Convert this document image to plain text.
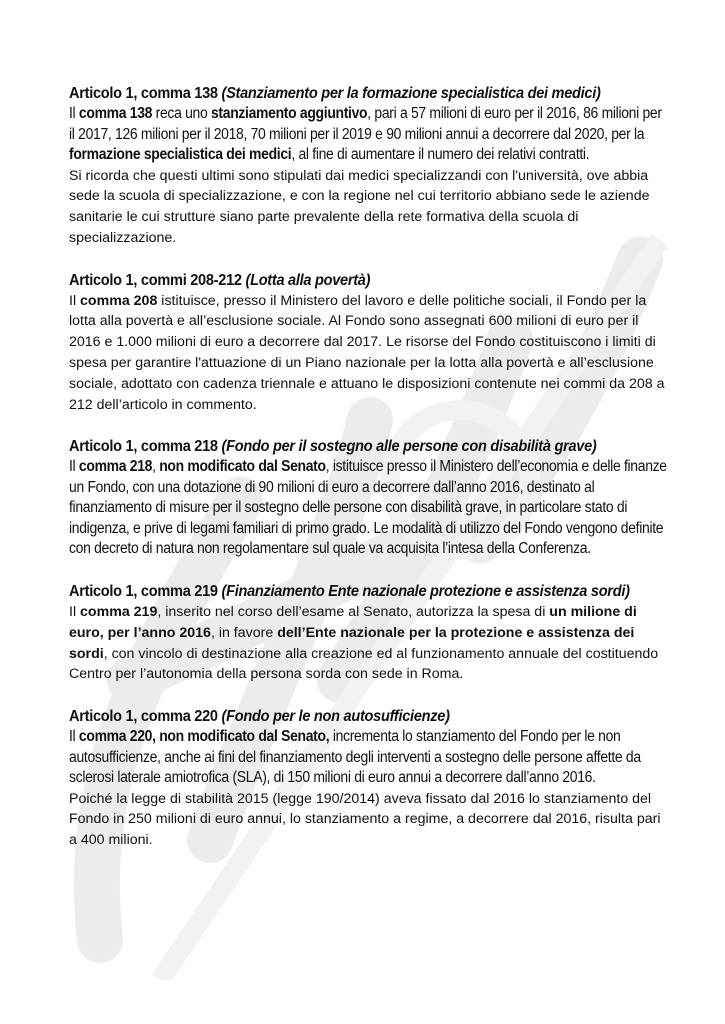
Articolo 1, comma 138 (Stanziamento per la formazione specialistica dei medici)

Il comma 138 reca uno stanziamento aggiuntivo, pari a 57 milioni di euro per il 2016, 86 milioni per il 2017, 126 milioni per il 2018, 70 milioni per il 2019 e 90 milioni annui a decorrere dal 2020, per la formazione specialistica dei medici, al fine di aumentare il numero dei relativi contratti.

Si ricorda che questi ultimi sono stipulati dai medici specializzandi con l'università, ove abbia sede la scuola di specializzazione, e con la regione nel cui territorio abbiano sede le aziende sanitarie le cui strutture siano parte prevalente della rete formativa della scuola di specializzazione.

Articolo 1, commi 208-212 (Lotta alla povertà)

Il comma 208 istituisce, presso il Ministero del lavoro e delle politiche sociali, il Fondo per la lotta alla povertà e all’esclusione sociale. Al Fondo sono assegnati 600 milioni di euro per il 2016 e 1.000 milioni di euro a decorrere dal 2017. Le risorse del Fondo costituiscono i limiti di spesa per garantire l'attuazione di un Piano nazionale per la lotta alla povertà e all’esclusione sociale, adottato con cadenza triennale e attuano le disposizioni contenute nei commi da 208 a 212 dell’articolo in commento.

Articolo 1, comma 218 (Fondo per il sostegno alle persone con disabilità grave)

Il comma 218, non modificato dal Senato, istituisce presso il Ministero dell’economia e delle finanze un Fondo, con una dotazione di 90 milioni di euro a decorrere dall’anno 2016, destinato al finanziamento di misure per il sostegno delle persone con disabilità grave, in particolare stato di indigenza, e prive di legami familiari di primo grado. Le modalità di utilizzo del Fondo vengono definite con decreto di natura non regolamentare sul quale va acquisita l’intesa della Conferenza.

Articolo 1, comma 219 (Finanziamento Ente nazionale protezione e assistenza sordi)

Il comma 219, inserito nel corso dell’esame al Senato, autorizza la spesa di un milione di euro, per l’anno 2016, in favore dell’Ente nazionale per la protezione e assistenza dei sordi, con vincolo di destinazione alla creazione ed al funzionamento annuale del costituendo Centro per l’autonomia della persona sorda con sede in Roma.

Articolo 1, comma 220 (Fondo per le non autosufficienze)

Il comma 220, non modificato dal Senato, incrementa lo stanziamento del Fondo per le non autosufficienze, anche ai fini del finanziamento degli interventi a sostegno delle persone affette da sclerosi laterale amiotrofica (SLA), di 150 milioni di euro annui a decorrere dall’anno 2016.

Poiché la legge di stabilità 2015 (legge 190/2014) aveva fissato dal 2016 lo stanziamento del Fondo in 250 milioni di euro annui, lo stanziamento a regime, a decorrere dal 2016, risulta pari a 400 milioni.
